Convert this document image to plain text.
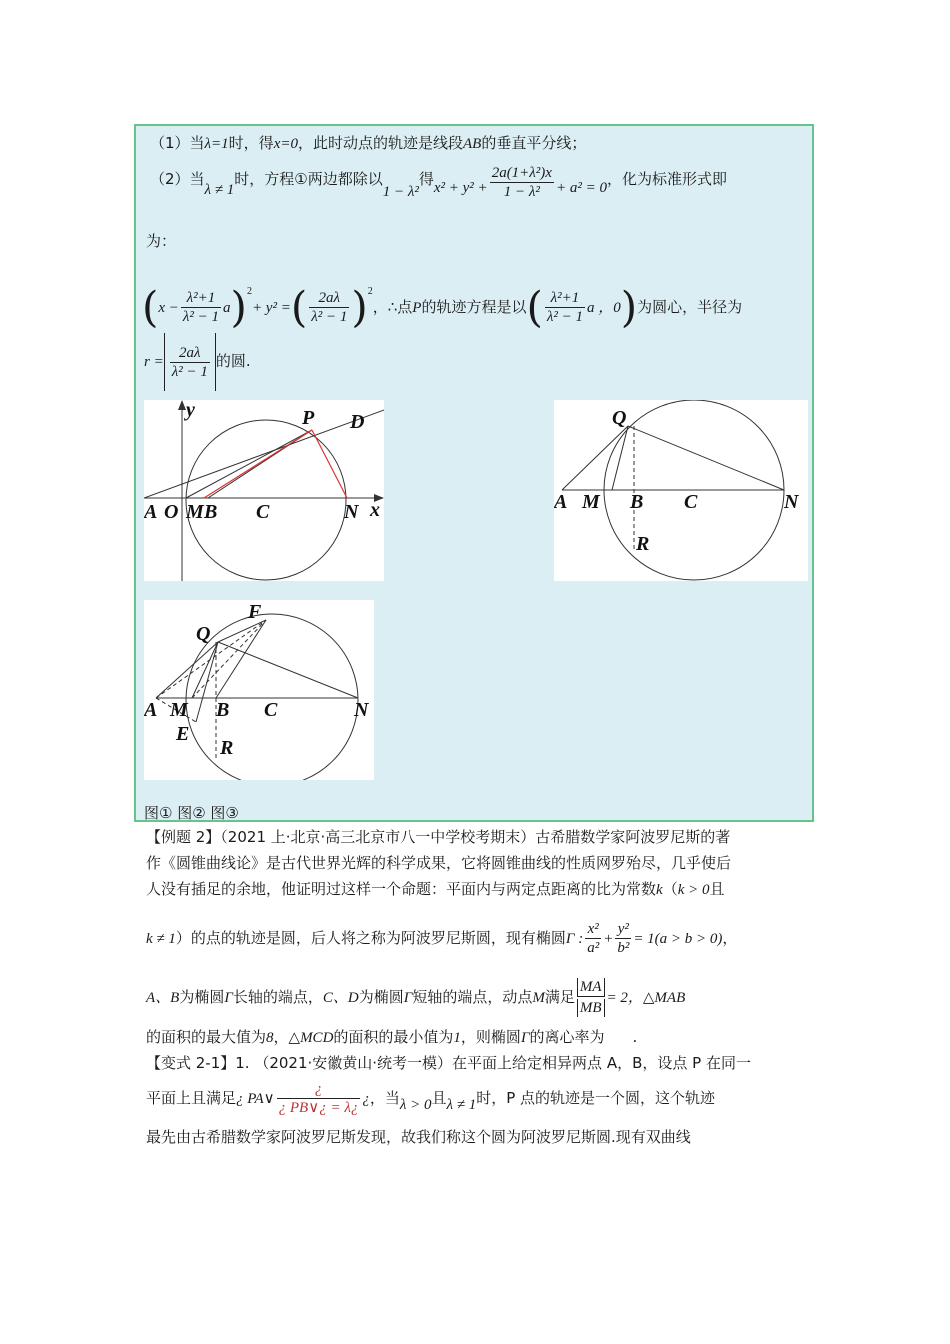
（1）当λ=1时，得x=0，此时动点的轨迹是线段AB的垂直平分线；
（2）当λ ≠ 1时，方程①两边都除以1 − λ²得$x^2 + y^2 + \frac{\text{2a(1+λ²)x}}{\text{1 − λ²}} + a^2 = 0$，化为标准形式即
为：
$(x - \frac{\text{λ²+1}}{\text{λ² − 1}} a)^2+ y^2$ =( $\frac{2a\lambda}{\text{λ² − 1}} )^2$，∴点P的轨迹方程是以( $\frac{\text{λ²+1}}{\text{λ² − 1}}$ a ，0)为圆心，半径为
$r = \frac{2a\lambda}{\text{λ² − 1}}$ 的圆.
y	P D
A O M B C	N x
Q
A M B C	N
R
F
Q
A M B C	N
E
R
图① 图② 图③
【例题 2】（2021 上·北京·高三北京市八一中学校考期末）古希腊数学家阿波罗尼斯的著
作《圆锥曲线论》是古代世界光辉的科学成果，它将圆锥曲线的性质网罗殆尽，几乎使后
人没有插足的余地，他证明过这样一个命题：平面内与两定点距离的比为常数k（k > 0且
k ≠ 1）的点的轨迹是圆，后人将之称为阿波罗尼斯圆，现有椭圆Γ : $\frac{\text{x²}}{\text{a²}} + \frac{\text{y²}}{\text{b²}} = 1(a > b > 0)$，
A、B为椭圆Γ长轴的端点，C、D为椭圆Γ短轴的端点，动点M满足 $\frac{MA}{MB} = 2$，△MAB
的面积的最大值为8，△MCD的面积的最小值为1，则椭圆Γ的离心率为 .
【变式 2-1】1. （2021·安徽黄山·统考一模）在平面上给定相异两点 A，B，设点 P 在同一
平面上且满足¿ PA∨ $\frac{¿}{¿ PB\vee¿ = \lambda¿}$ ¿，当λ > 0且λ ≠ 1时，P 点的轨迹是一个圆，这个轨迹
最先由古希腊数学家阿波罗尼斯发现，故我们称这个圆为阿波罗尼斯圆.现有双曲线
